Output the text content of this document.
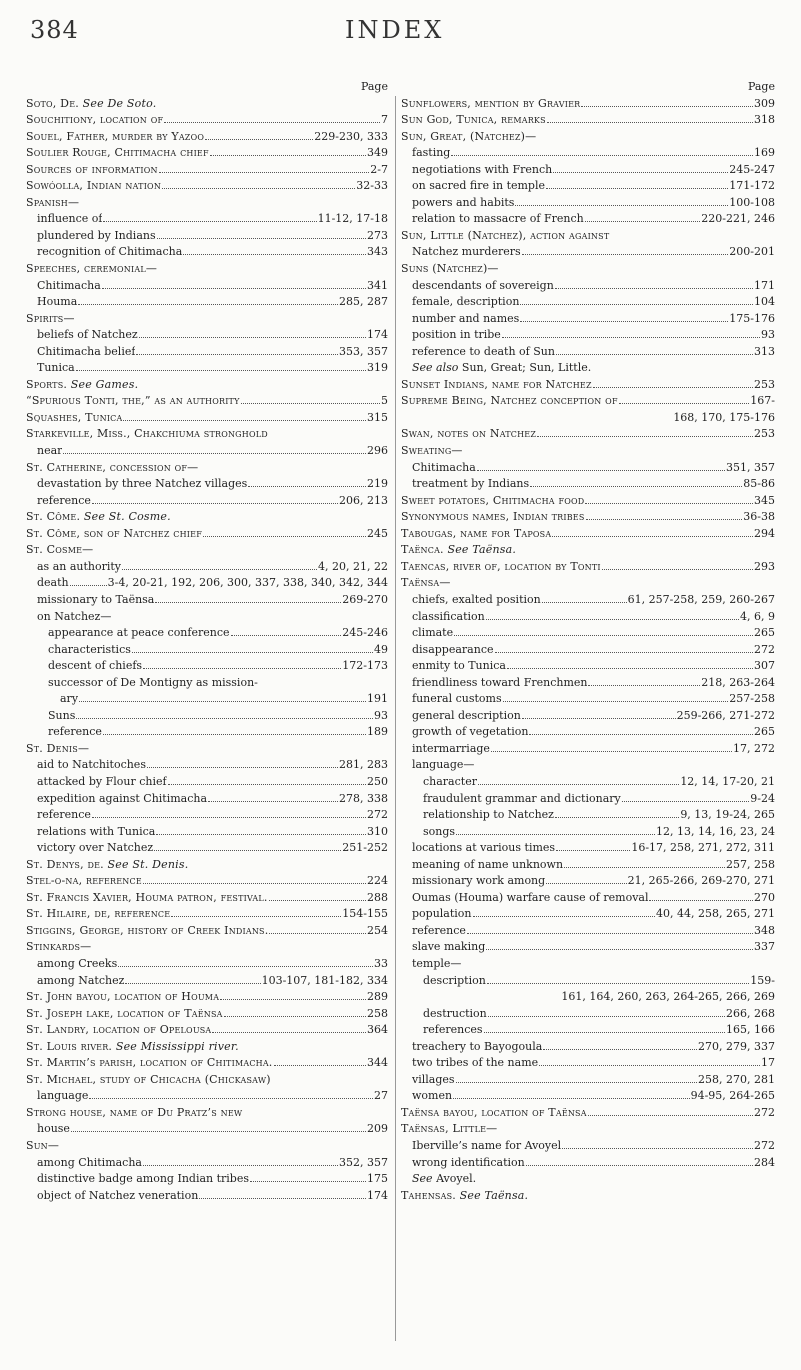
384	INDEX
Page
Soto, De. See De Soto.
Souchitiony, location of	7
Souel, Father, murder by Yazoo	229-230, 333
Soulier Rouge, Chitimacha chief	349
Sources of information	2-7
Sowóolla, Indian nation	32-33
Spanish—
influence of	11-12, 17-18
plundered by Indians	273
recognition of Chitimacha	343
Speeches, ceremonial—
Chitimacha	341
Houma	285, 287
Spirits—
beliefs of Natchez	174
Chitimacha belief	353, 357
Tunica	319
Sports. See Games.
“Spurious Tonti, the,” as an authority	5
Squashes, Tunica	315
Starkeville, Miss., Chakchiuma stronghold
near	296
St. Catherine, concession of—
devastation by three Natchez villages	219
reference	206, 213
St. Côme. See St. Cosme.
St. Côme, son of Natchez chief	245
St. Cosme—
as an authority	4, 20, 21, 22
death	3-4, 20-21, 192, 206, 300, 337, 338, 340, 342, 344
missionary to Taënsa	269-270
on Natchez—
appearance at peace conference	245-246
characteristics	49
descent of chiefs	172-173
successor of De Montigny as mission-
ary	191
Suns	93
reference	189
St. Denis—
aid to Natchitoches	281, 283
attacked by Flour chief	250
expedition against Chitimacha	278, 338
reference	272
relations with Tunica	310
victory over Natchez	251-252
St. Denys, de. See St. Denis.
Stel-o-na, reference	224
St. Francis Xavier, Houma patron, festival.	288
St. Hilaire, de, reference	154-155
Stiggins, George, history of Creek Indians.	254
Stinkards—
among Creeks	33
among Natchez	103-107, 181-182, 334
St. John bayou, location of Houma	289
St. Joseph lake, location of Taënsa	258
St. Landry, location of Opelousa	364
St. Louis river. See Mississippi river.
St. Martin’s parish, location of Chitimacha.	344
St. Michael, study of Chicacha (Chickasaw)
language	27
Strong house, name of Du Pratz’s new
house	209
Sun—
among Chitimacha	352, 357
distinctive badge among Indian tribes	175
object of Natchez veneration	174
Page
Sunflowers, mention by Gravier	309
Sun God, Tunica, remarks	318
Sun, Great, (Natchez)—
fasting	169
negotiations with French	245-247
on sacred fire in temple	171-172
powers and habits	100-108
relation to massacre of French	220-221, 246
Sun, Little (Natchez), action against
Natchez murderers	200-201
Suns (Natchez)—
descendants of sovereign	171
female, description	104
number and names	175-176
position in tribe	93
reference to death of Sun	313
See also
Sun, Great; Sun, Little.
Sunset Indians, name for Natchez	253
Supreme Being, Natchez conception of	167-
168, 170, 175-176
Swan, notes on Natchez	253
Sweating—
Chitimacha	351, 357
treatment by Indians	85-86
Sweet potatoes, Chitimacha food	345
Synonymous names, Indian tribes	36-38
Tabougas, name for Taposa	294
Taënca. See Taënsa.
Taencas, river of, location by Tonti	293
Taënsa—
chiefs, exalted position	61, 257-258, 259, 260-267
classification	4, 6, 9
climate	265
disappearance	272
enmity to Tunica	307
friendliness toward Frenchmen	218, 263-264
funeral customs	257-258
general description	259-266, 271-272
growth of vegetation	265
intermarriage	17, 272
language—
character	12, 14, 17-20, 21
fraudulent grammar and dictionary	9-24
relationship to Natchez	9, 13, 19-24, 265
songs	12, 13, 14, 16, 23, 24
locations at various times	16-17, 258, 271, 272, 311
meaning of name unknown	257, 258
missionary work among	21, 265-266, 269-270, 271
Oumas (Houma) warfare cause of removal	270
population	40, 44, 258, 265, 271
reference	348
slave making	337
temple—
description	159-
161, 164, 260, 263, 264-265, 266, 269
destruction	266, 268
references	165, 166
treachery to Bayogoula	270, 279, 337
two tribes of the name	17
villages	258, 270, 281
women	94-95, 264-265
Taënsa bayou, location of Taënsa	272
Taënsas, Little—
Iberville’s name for Avoyel	272
wrong identification	284
See
Avoyel.
Tahensas.
See Taënsa.
